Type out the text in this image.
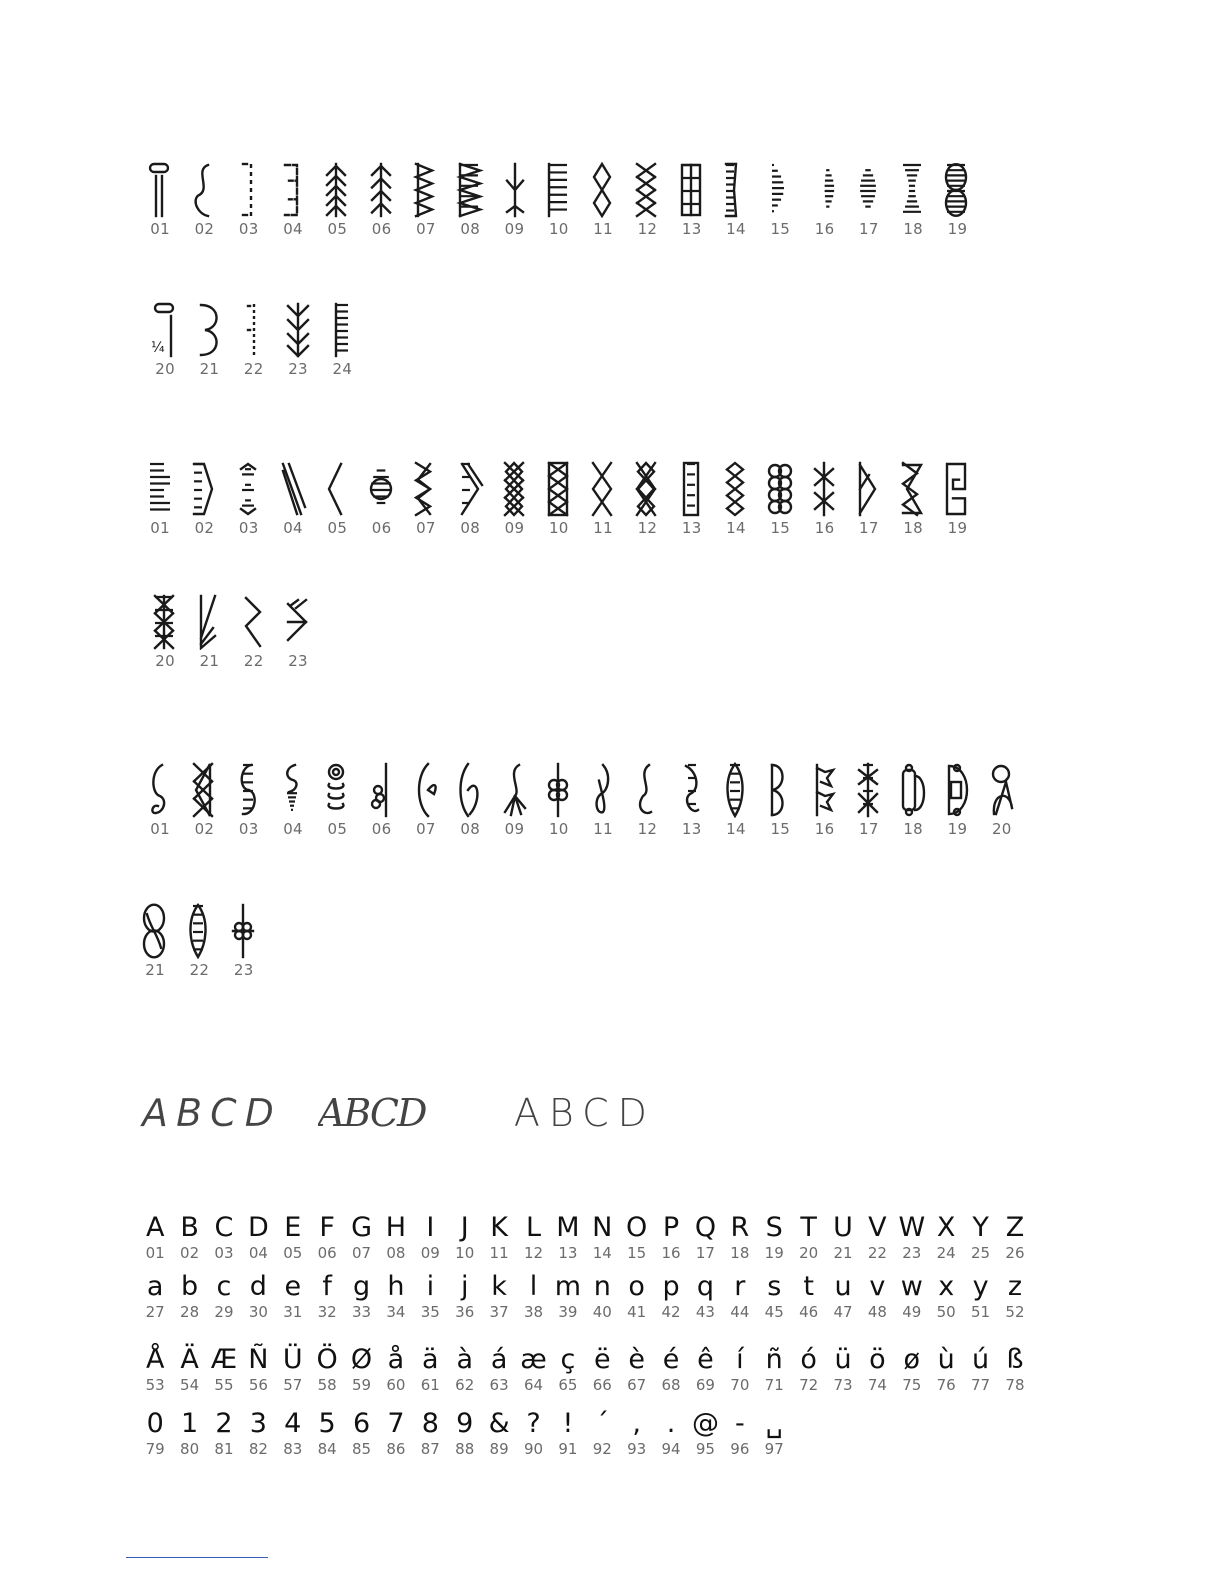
01 02 03 04 05 06 07 08 09 10 11 12 13 14 15 16 17 18 19
¼
20 21 22 23 24
01 02 03 04 05 06 07 08 09 10 11 12 13 14 15 16 17 18 19
20 21 22 23
01 02 03 04 05 06 07 08 09 10 11 12 13 14 15 16 17 18 19 20
21 22 23
ABCD ABCD	ABCD
A
01
B
02
C
03
D
04
E
05
F
06
G
07
H
08
I
09
J
10
K
11
L
12
M
13
N
14
O
15
P
16
Q
17
R
18
S
19
T
20
U
21
V
22
W
23
X
24
Y
25
Z
26
a
27
b
28
c
29
d
30
e
31
f
32
g
33
h
34
i
35
j
36
k
37
l
38
m
39
n
40
o
41
p
42
q
43
r
44
s
45
t
46
u
47
v
48
w
49
x
50
y
51
z
52
Å
53
Ä
54
Æ
55
Ñ
56
Ü
57
Ö
58
Ø
59
å
60
ä
61
à
62
á
63
æ
64
ç
65
ë
66
è
67
é
68
ê
69
í
70
ñ
71
ó
72
ü
73
ö
74
ø
75
ù
76
ú
77
ß
78
0
79
1
80
2
81
3
82
4
83
5
84
6
85
7
86
8
87
9
88
&
89
?
90
!
91
´
92
,
93
.
94
@
95
-
96
␣
97
